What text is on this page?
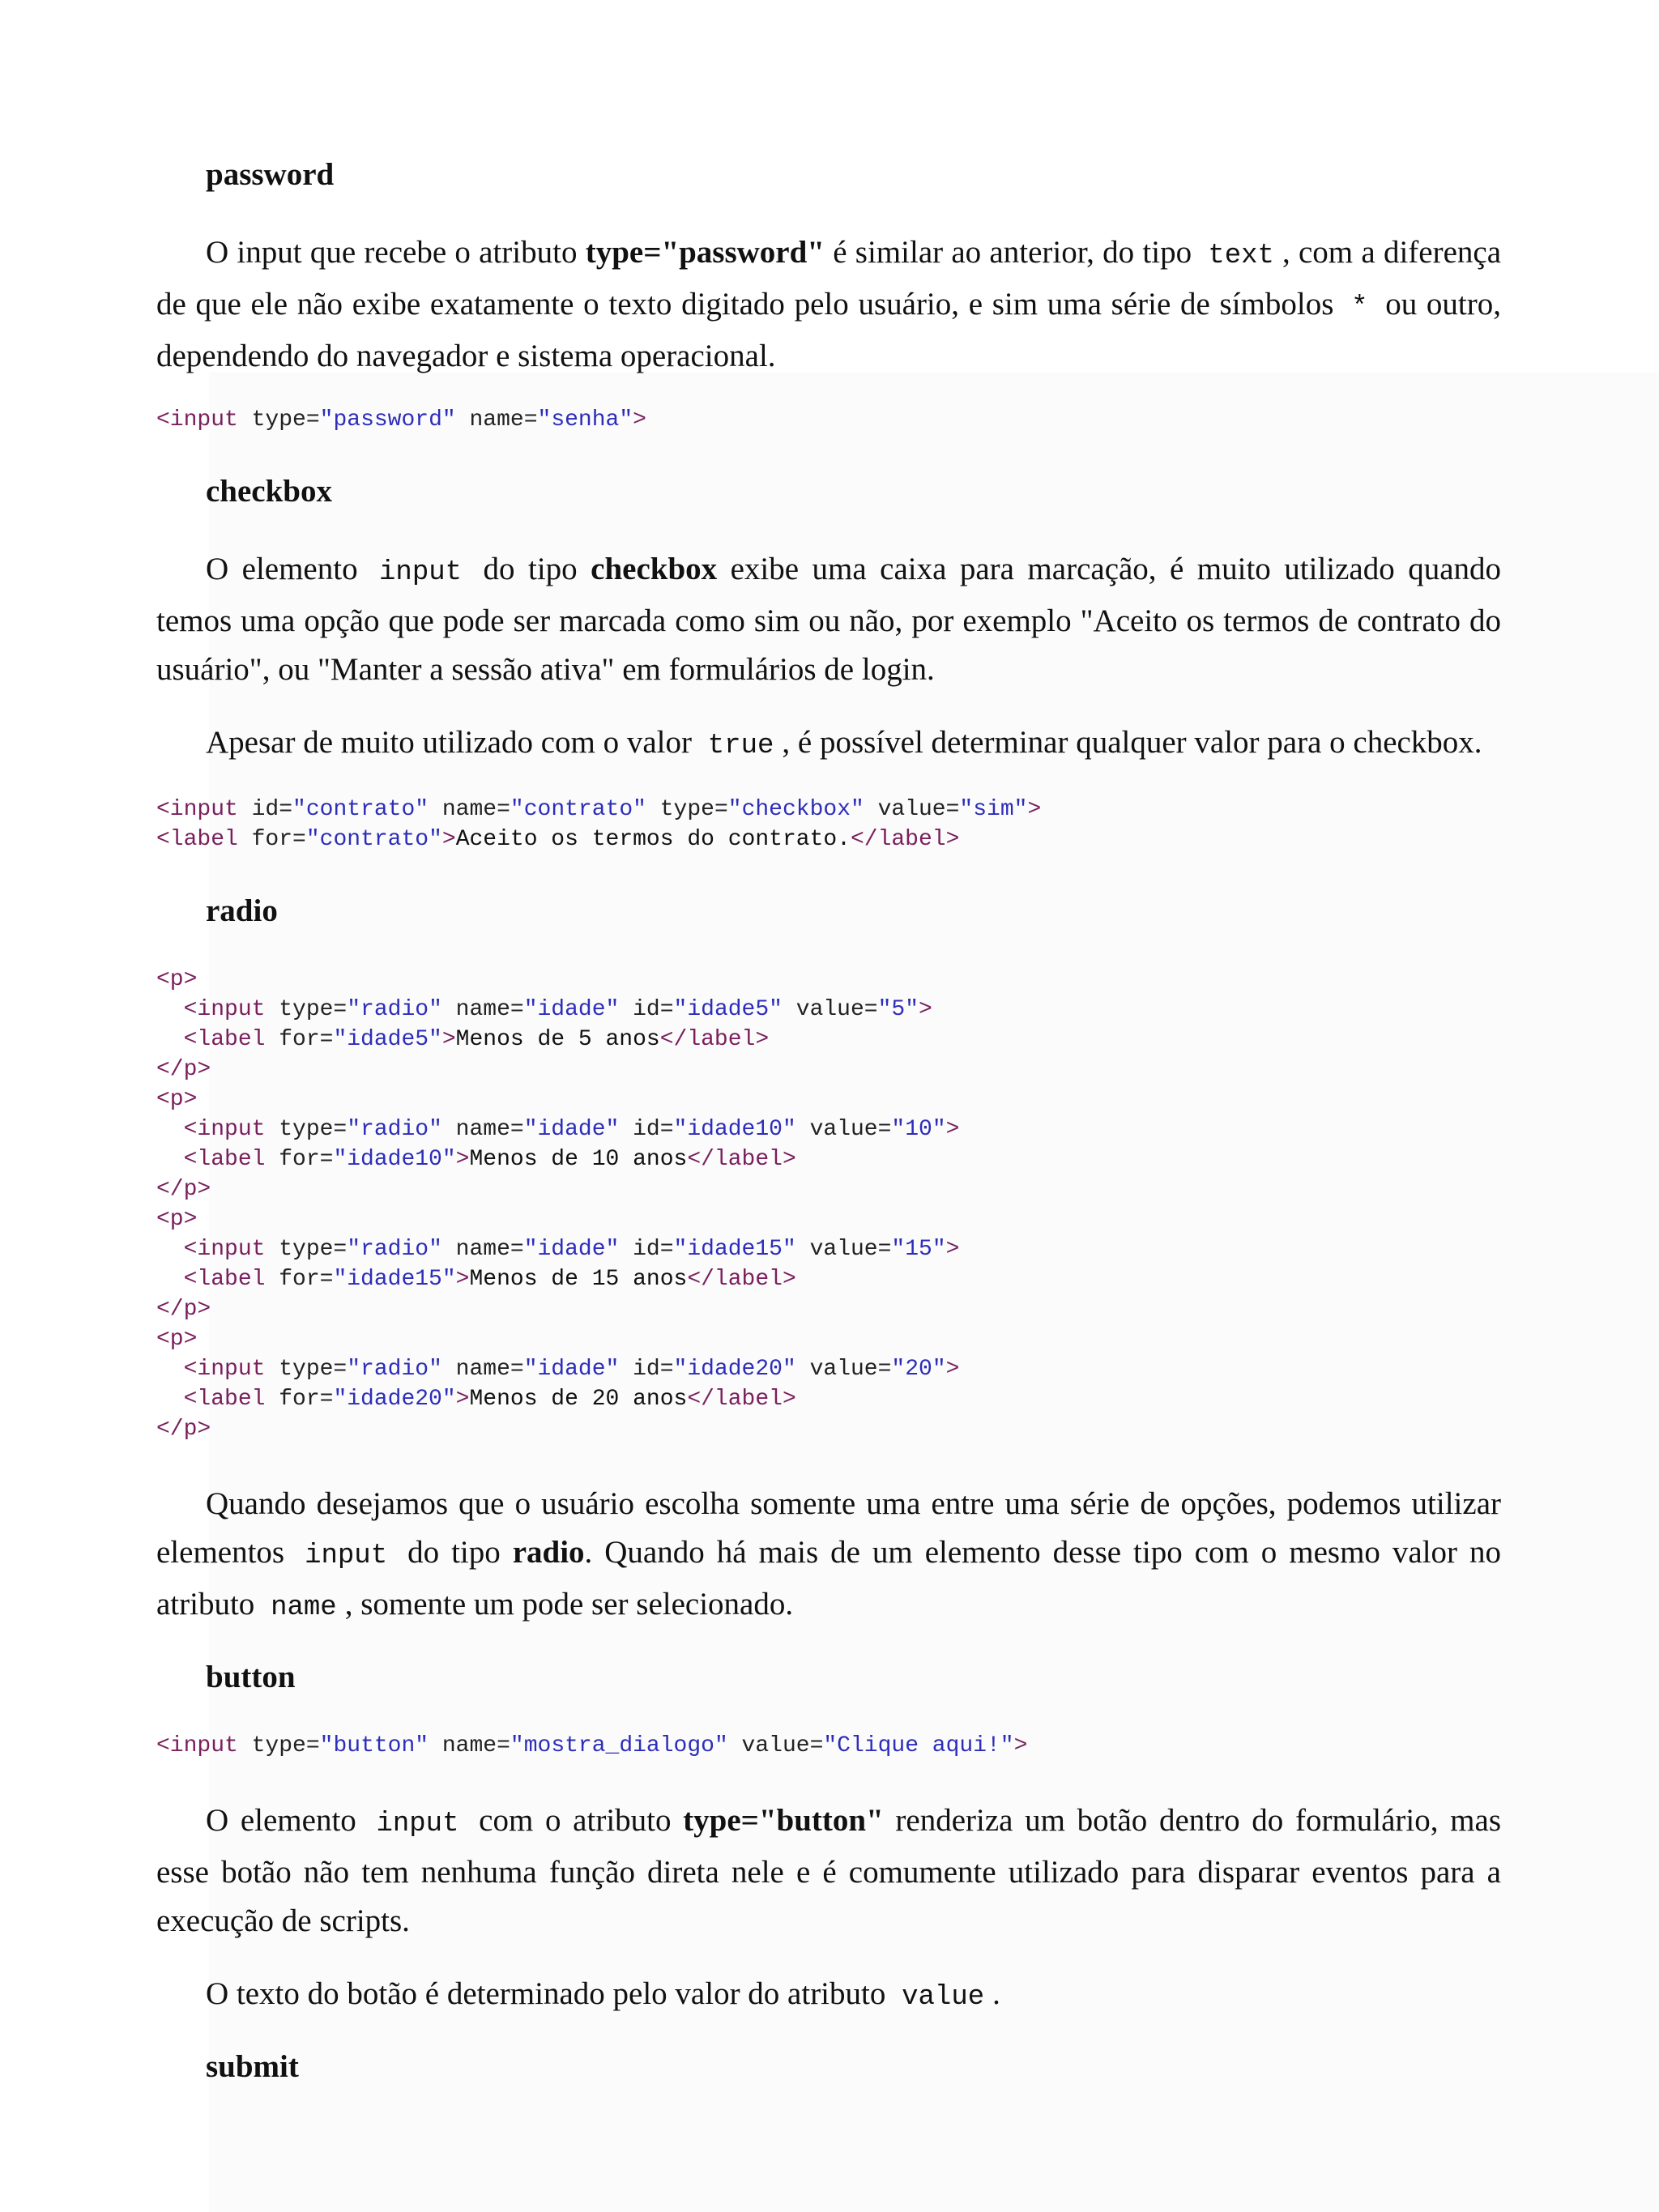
password

O input que recebe o atributo type="password" é similar ao anterior, do tipo text , com a diferença de que ele não exibe exatamente o texto digitado pelo usuário, e sim uma série de símbolos * ou outro, dependendo do navegador e sistema operacional.

<input type="password" name="senha">
checkbox

O elemento input do tipo checkbox exibe uma caixa para marcação, é muito utilizado quando temos uma opção que pode ser marcada como sim ou não, por exemplo "Aceito os termos de contrato do usuário", ou "Manter a sessão ativa" em formulários de login.

Apesar de muito utilizado com o valor true , é possível determinar qualquer valor para o checkbox.

<input id="contrato" name="contrato" type="checkbox" value="sim">
<label for="contrato">Aceito os termos do contrato.</label>
radio
<p>
<input type="radio" name="idade" id="idade5" value="5">
<label for="idade5">Menos de 5 anos</label>
</p>
<p>
<input type="radio" name="idade" id="idade10" value="10">
<label for="idade10">Menos de 10 anos</label>
</p>
<p>
<input type="radio" name="idade" id="idade15" value="15">
<label for="idade15">Menos de 15 anos</label>
</p>
<p>
<input type="radio" name="idade" id="idade20" value="20">
<label for="idade20">Menos de 20 anos</label>
</p>

Quando desejamos que o usuário escolha somente uma entre uma série de opções, podemos utilizar elementos input do tipo radio. Quando há mais de um elemento desse tipo com o mesmo valor no atributo name , somente um pode ser selecionado.

button
<input type="button" name="mostra_dialogo" value="Clique aqui!">

O elemento input com o atributo type="button" renderiza um botão dentro do formulário, mas esse botão não tem nenhuma função direta nele e é comumente utilizado para disparar eventos para a execução de scripts.

O texto do botão é determinado pelo valor do atributo value .

submit
